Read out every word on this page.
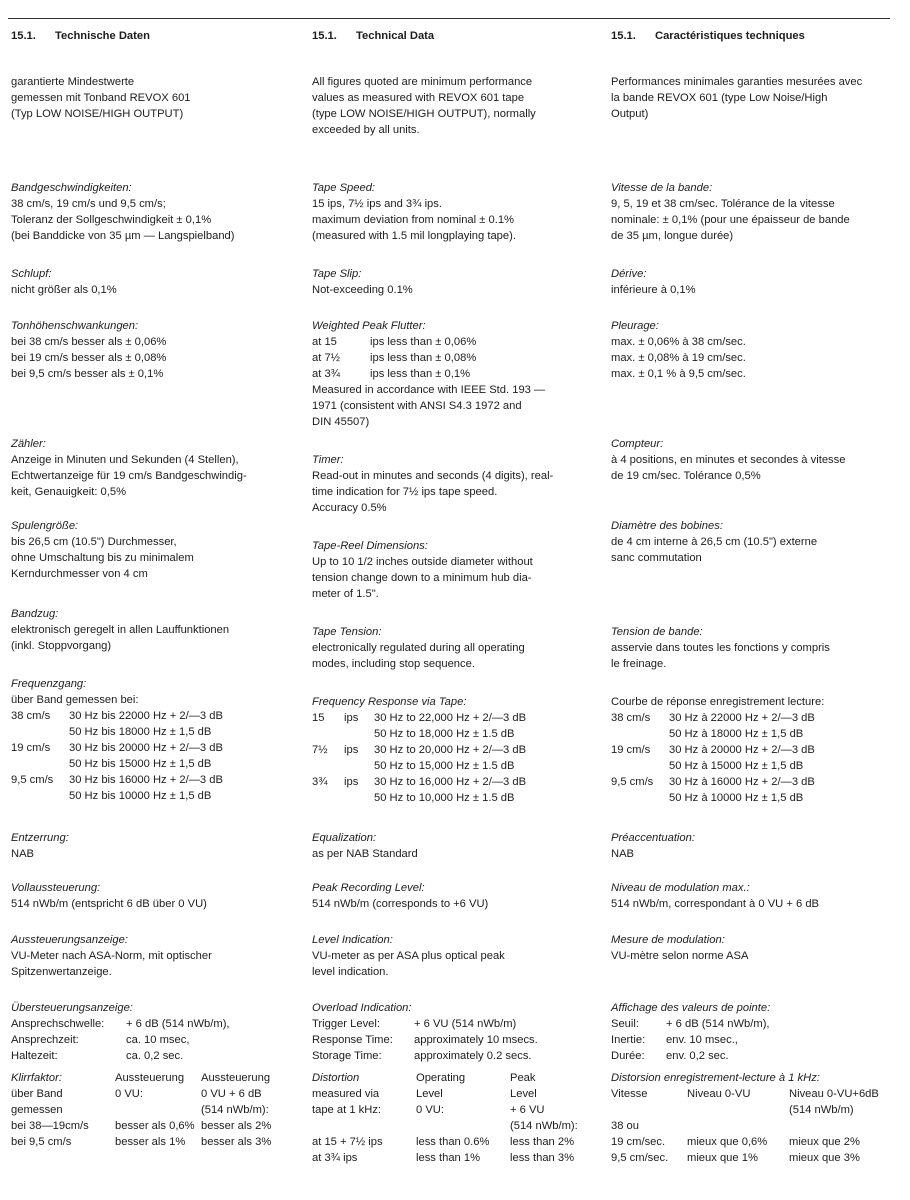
15.1. Technische Daten

garantierte Mindestwerte

gemessen mit Tonband REVOX 601

(Typ LOW NOISE/HIGH OUTPUT)

Bandgeschwindigkeiten:

38 cm/s, 19 cm/s und 9,5 cm/s;

Toleranz der Sollgeschwindigkeit ± 0,1%

(bei Banddicke von 35 µm — Langspielband)

Schlupf:

nicht größer als 0,1%

Zähler:

Anzeige in Minuten und Sekunden (4 Stellen),

Echtwertanzeige für 19 cm/s Bandgeschwindig-

keit, Genauigkeit: 0,5%

Spulengröße:

bis 26,5 cm (10.5") Durchmesser,

ohne Umschaltung bis zu minimalem

Kerndurchmesser von 4 cm

Bandzug:

elektronisch geregelt in allen Lauffunktionen

(inkl. Stoppvorgang)

Entzerrung:

NAB

Vollaussteuerung:

514 nWb/m (entspricht 6 dB über 0 VU)

Aussteuerungsanzeige:

VU-Meter nach ASA-Norm, mit optischer

Spitzenwertanzeige.

Tonhöhenschwankungen:

bei 38 cm/s besser als ± 0,06%

bei 19 cm/s besser als ± 0,08%

bei 9,5 cm/s besser als ± 0,1%

Frequenzgang:

über Band gemessen bei:

38 cm/s		30 Hz bis 22000 Hz + 2/—3 dB
		50 Hz bis 18000 Hz ± 1,5 dB
19 cm/s		30 Hz bis 20000 Hz + 2/—3 dB
		50 Hz bis 15000 Hz ± 1,5 dB
9,5 cm/s		30 Hz bis 16000 Hz + 2/—3 dB
		50 Hz bis 10000 Hz ± 1,5 dB

Übersteuerungsanzeige:

Ansprechschwelle:	+ 6 dB (514 nWb/m),
Ansprechzeit:	ca. 10 msec,
Haltezeit:	ca. 0,2 sec.
Klirrfaktor:	Aussteuerung	Aussteuerung
über Band	0 VU:	0 VU + 6 dB
gemessen		(514 nWb/m):
bei 38—19cm/s	besser als 0,6%	besser als 2%
bei 9,5 cm/s	besser als 1%	besser als 3%
15.1. Technical Data

All figures quoted are minimum performance

values as measured with REVOX 601 tape

(type LOW NOISE/HIGH OUTPUT), normally

exceeded by all units.

Tape Speed:

15 ips, 7½ ips and 3¾ ips.

maximum deviation from nominal ± 0.1%

(measured with 1.5 mil longplaying tape).

Tape Slip:

Not-exceeding 0.1%

Timer:

Read-out in minutes and seconds (4 digits), real-

time indication for 7½ ips tape speed.

Accuracy 0.5%

Tape-Reel Dimensions:

Up to 10 1/2 inches outside diameter without

tension change down to a minimum hub dia-

meter of 1.5".

Tape Tension:

electronically regulated during all operating

modes, including stop sequence.

Equalization:

as per NAB Standard

Peak Recording Level:

514 nWb/m (corresponds to +6 VU)

Level Indication:

VU-meter as per ASA plus optical peak

level indication.

Weighted Peak Flutter:

at 15	ips less than ± 0,06%
at 7½	ips less than ± 0,08%
at 3¾	ips less than ± 0,1%

Measured in accordance with IEEE Std. 193 —

1971 (consistent with ANSI S4.3 1972 and

DIN 45507)

Frequency Response via Tape:

15	ips	30 Hz to 22,000 Hz + 2/—3 dB
		50 Hz to 18,000 Hz ± 1.5 dB
7½	ips	30 Hz to 20,000 Hz + 2/—3 dB
		50 Hz to 15,000 Hz ± 1.5 dB
3¾	ips	30 Hz to 16,000 Hz + 2/—3 dB
		50 Hz to 10,000 Hz ± 1.5 dB

Overload Indication:

Trigger Level:	+ 6 VU (514 nWb/m)
Response Time:	approximately 10 msecs.
Storage Time:	approximately 0.2 secs.
Distortion	Operating	Peak
measured via	Level	Level
tape at 1 kHz:	0 VU:	+ 6 VU
		(514 nWb/m):
at 15 + 7½ ips	less than 0.6%	less than 2%
at 3¾ ips	less than 1%	less than 3%
15.1. Caractéristiques techniques

Performances minimales garanties mesurées avec

la bande REVOX 601 (type Low Noise/High

Output)

Vitesse de la bande:

9, 5, 19 et 38 cm/sec. Tolérance de la vitesse

nominale: ± 0,1% (pour une épaisseur de bande

de 35 µm, longue durée)

Dérive:

inférieure à 0,1%

Compteur:

à 4 positions, en minutes et secondes à vitesse

de 19 cm/sec. Tolérance 0,5%

Diamètre des bobines:

de 4 cm interne à 26,5 cm (10.5") externe

sanc commutation

Tension de bande:

asservie dans toutes les fonctions y compris

le freinage.

Préaccentuation:

NAB

Niveau de modulation max.:

514 nWb/m, correspondant à 0 VU + 6 dB

Mesure de modulation:

VU-mètre selon norme ASA

Pleurage:

max. ± 0,06% à 38 cm/sec.

max. ± 0,08% à 19 cm/sec.

max. ± 0,1 % à 9,5 cm/sec.

Courbe de réponse enregistrement lecture:

38 cm/s		30 Hz à 22000 Hz + 2/—3 dB
		50 Hz à 18000 Hz ± 1,5 dB
19 cm/s		30 Hz à 20000 Hz + 2/—3 dB
		50 Hz à 15000 Hz ± 1,5 dB
9,5 cm/s		30 Hz à 16000 Hz + 2/—3 dB
		50 Hz à 10000 Hz ± 1,5 dB

Affichage des valeurs de pointe:

Seuil:	+ 6 dB (514 nWb/m),
Inertie:	env. 10 msec.,
Durée:	env. 0,2 sec.

Distorsion enregistrement-lecture à 1 kHz:

Vitesse	Niveau 0-VU	Niveau 0-VU+6dB
		(514 nWb/m)
38 ou		
19 cm/sec.	mieux que 0,6%	mieux que 2%
9,5 cm/sec.	mieux que 1%	mieux que 3%
